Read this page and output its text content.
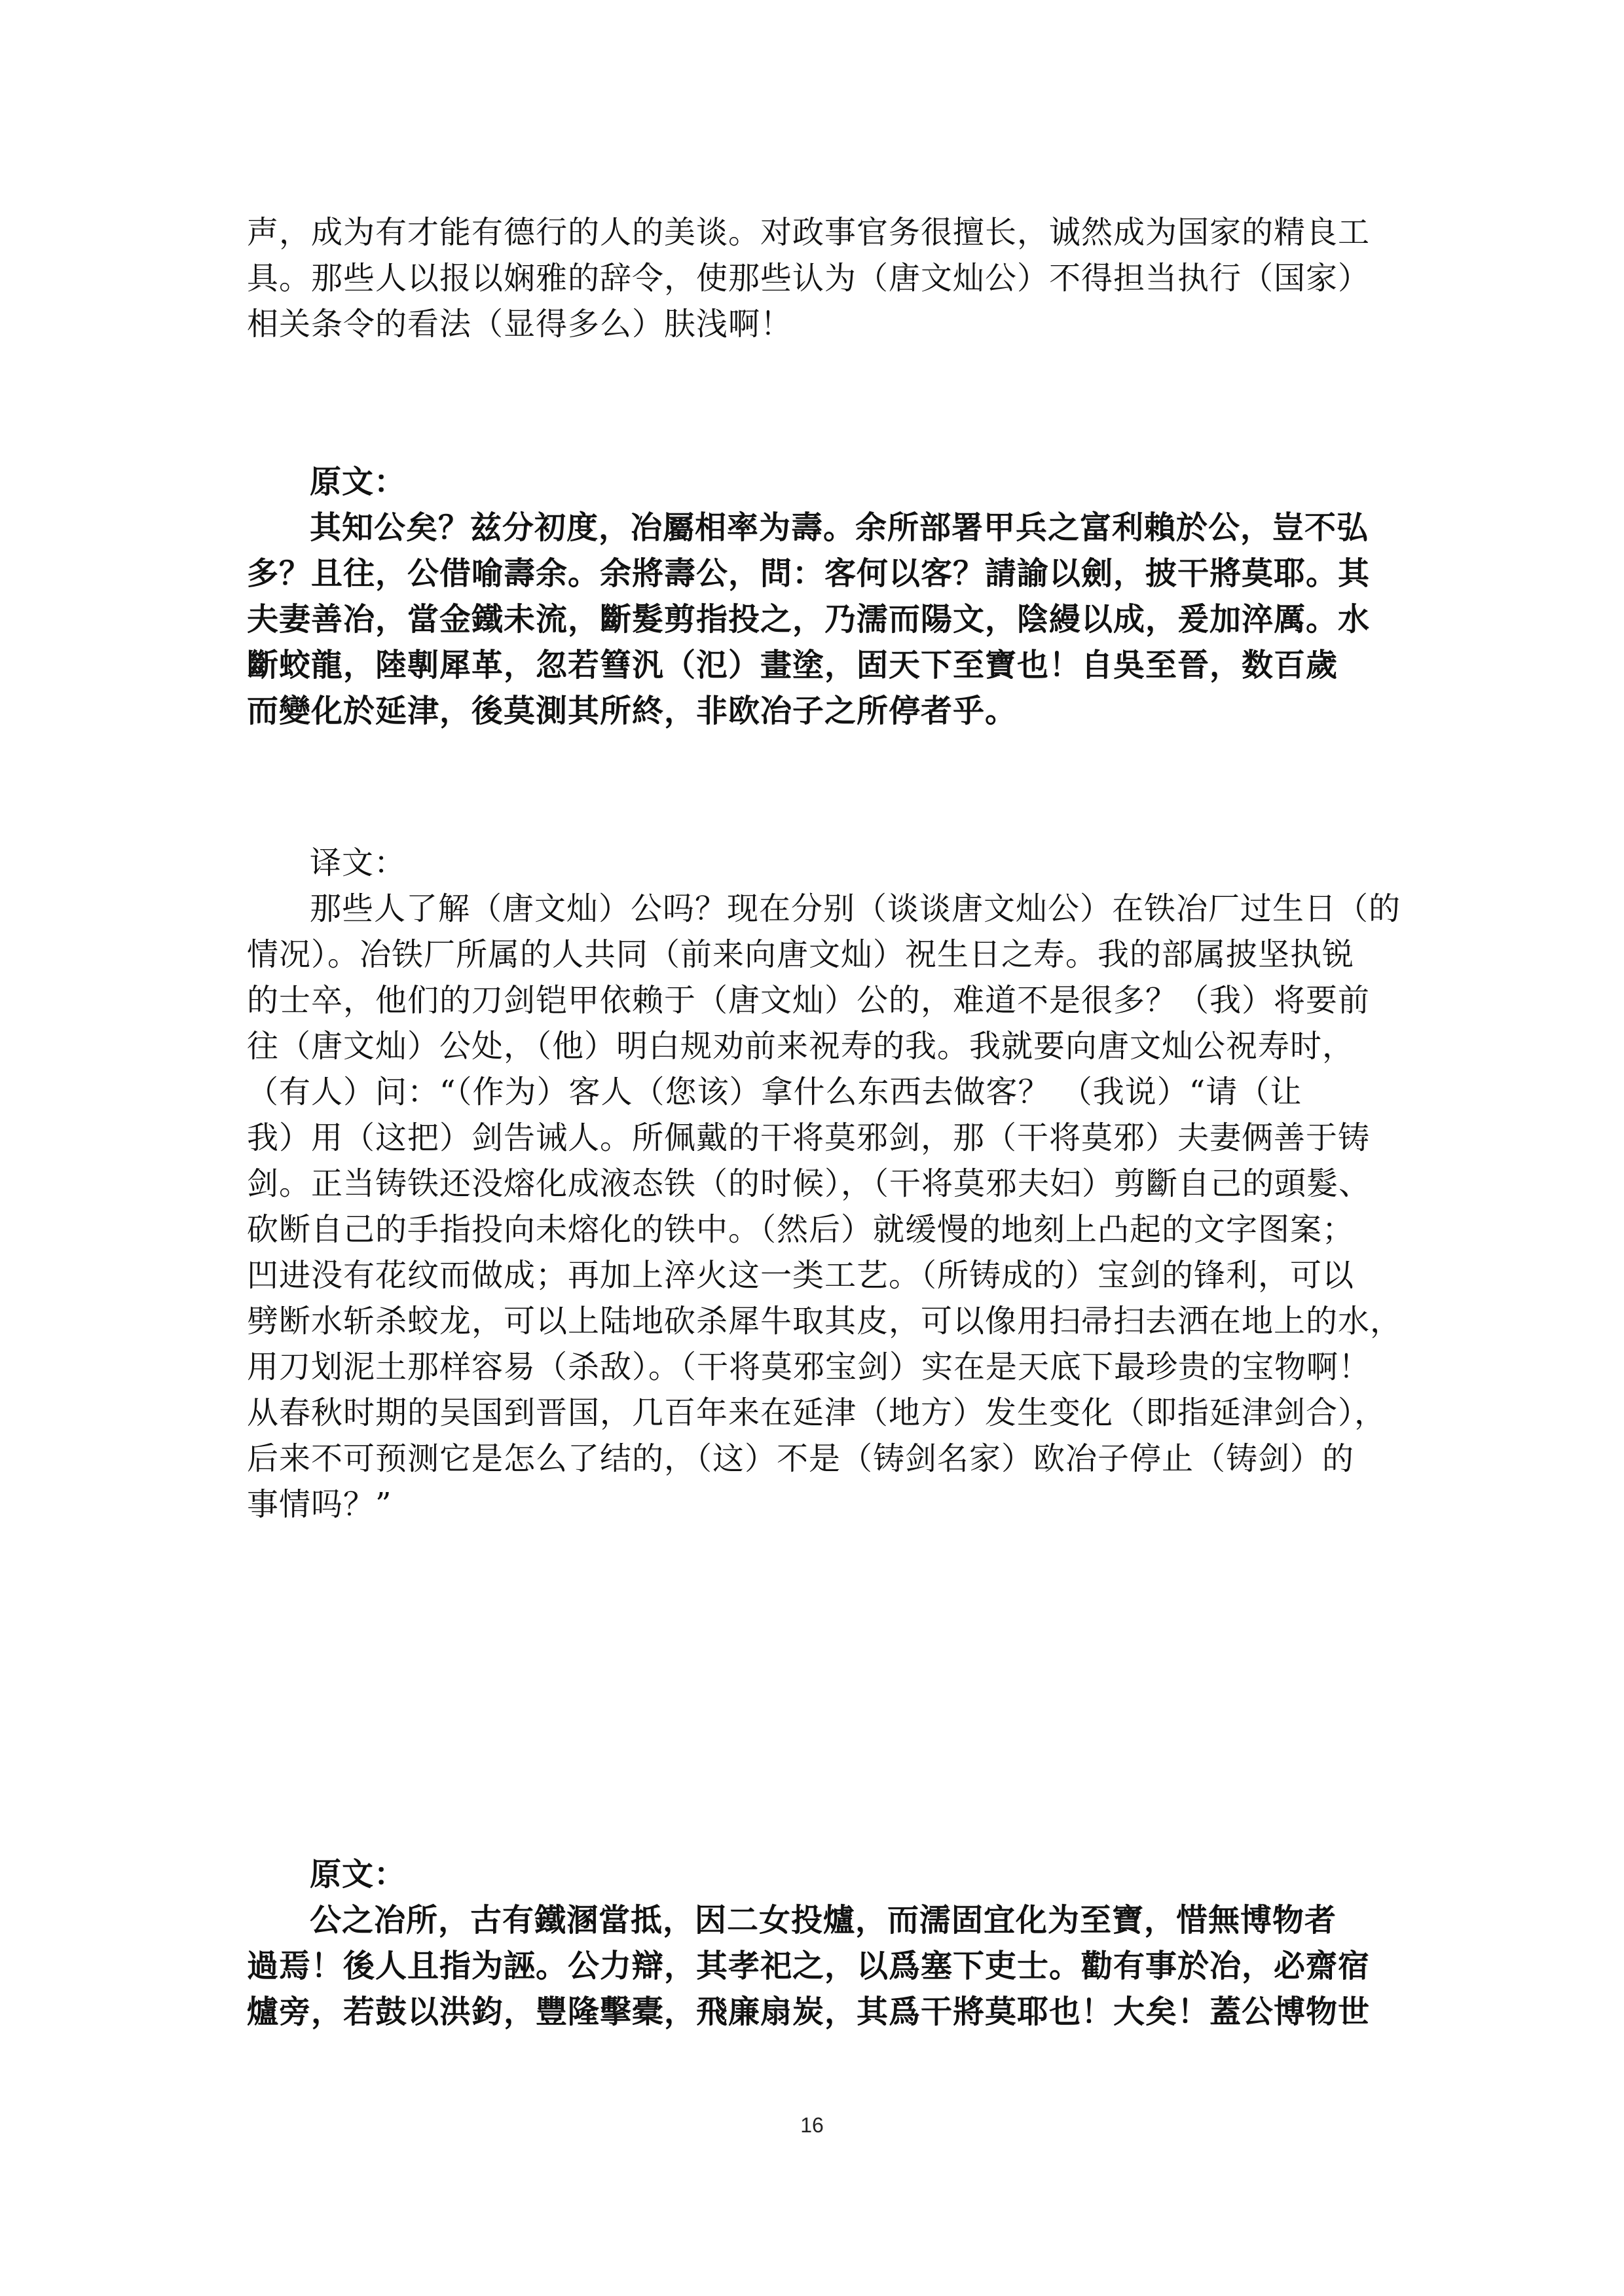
声，成为有才能有德行的人的美谈。对政事官务很擅长，诚然成为国家的精良工
具。那些人以报以娴雅的辞令，使那些认为（唐文灿公）不得担当执行（国家）
相关条令的看法（显得多么）肤浅啊！
原文：
其知公矣？兹分初度，冶屬相率为壽。余所部署甲兵之富利賴於公，豈不弘
多？且往，公借喻壽余。余將壽公，問：客何以客？請諭以劍，披干將莫耶。其
夫妻善冶，當金鐵未流，斷髮剪指投之，乃濡而陽文，陰縵以成，爰加淬厲。水
斷蛟龍，陸剸犀革，忽若篲汎（氾）畫塗，固天下至寶也！自吳至晉，数百歲
而變化於延津，後莫測其所終，非欧冶子之所停者乎。
译文：
那些人了解（唐文灿）公吗？现在分别（谈谈唐文灿公）在铁冶厂过生日（的
情况）。冶铁厂所属的人共同（前来向唐文灿）祝生日之寿。我的部属披坚执锐
的士卒，他们的刀剑铠甲依赖于（唐文灿）公的，难道不是很多？（我）将要前
往（唐文灿）公处，（他）明白规劝前来祝寿的我。我就要向唐文灿公祝寿时，
（有人）问：“（作为）客人（您该）拿什么东西去做客？ （我说）“请（让
我）用（这把）剑告诫人。所佩戴的干将莫邪剑，那（干将莫邪）夫妻俩善于铸
剑。正当铸铁还没熔化成液态铁（的时候），（干将莫邪夫妇）剪斷自己的頭髮、
砍断自己的手指投向未熔化的铁中。（然后）就缓慢的地刻上凸起的文字图案；
凹进没有花纹而做成；再加上淬火这一类工艺。（所铸成的）宝剑的锋利，可以
劈断水斩杀蛟龙，可以上陆地砍杀犀牛取其皮，可以像用扫帚扫去洒在地上的水，
用刀划泥土那样容易（杀敌）。（干将莫邪宝剑）实在是天底下最珍贵的宝物啊！
从春秋时期的吴国到晋国，几百年来在延津（地方）发生变化（即指延津剑合），
后来不可预测它是怎么了结的，（这）不是（铸剑名家）欧冶子停止（铸剑）的
事情吗？”
原文：
公之冶所，古有鐵溷當抵，因二女投爐，而濡固宜化为至寶，惜無博物者
過焉！後人且指为誣。公力辯，其孝祀之，以爲塞下吏士。勸有事於冶，必齋宿
爐旁，若鼓以洪鈞，豐隆擊橐，飛廉扇炭，其爲干將莫耶也！大矣！蓋公博物世
16
